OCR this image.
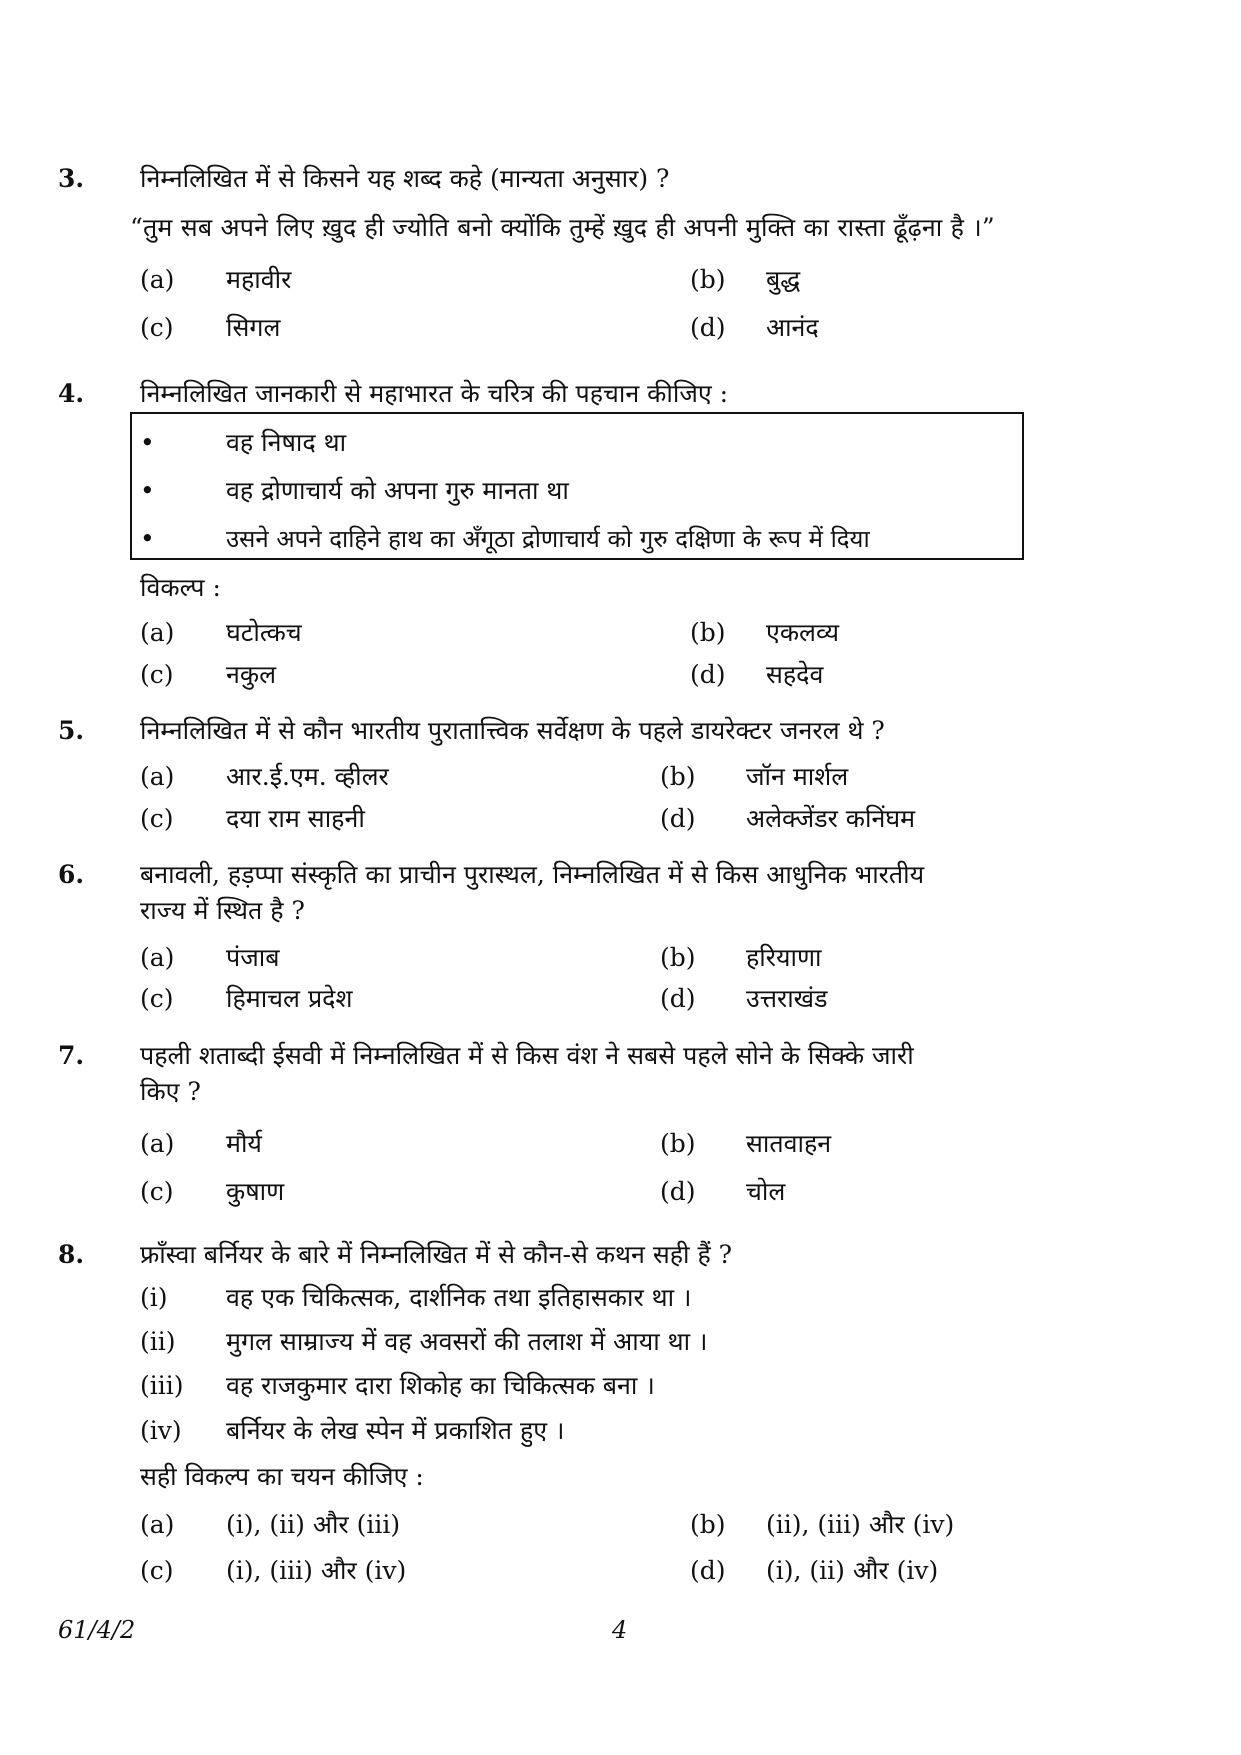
3. निम्नलिखित में से किसने यह शब्द कहे (मान्यता अनुसार) ?
“तुम सब अपने लिए ख़ुद ही ज्योति बनो क्योंकि तुम्हें ख़ुद ही अपनी मुक्ति का रास्ता ढूँढ़ना है ।”
(a) महावीर	(b) बुद्ध
(c) सिगल	(d) आनंद
4. निम्नलिखित जानकारी से महाभारत के चरित्र की पहचान कीजिए :
•	वह निषाद था
•	वह द्रोणाचार्य को अपना गुरु मानता था
•	उसने अपने दाहिने हाथ का अँगूठा द्रोणाचार्य को गुरु दक्षिणा के रूप में दिया
विकल्प :
(a) घटोत्कच	(b) एकलव्य
(c) नकुल	(d) सहदेव
5. निम्नलिखित में से कौन भारतीय पुरातात्त्विक सर्वेक्षण के पहले डायरेक्टर जनरल थे ?
(a) आर.ई.एम. व्हीलर	(b) जॉन मार्शल
(c) दया राम साहनी	(d) अलेक्जेंडर कनिंघम
6. बनावली, हड़प्पा संस्कृति का प्राचीन पुरास्थल, निम्नलिखित में से किस आधुनिक भारतीय
राज्य में स्थित है ?
(a) पंजाब	(b) हरियाणा
(c) हिमाचल प्रदेश	(d) उत्तराखंड
7. पहली शताब्दी ईसवी में निम्नलिखित में से किस वंश ने सबसे पहले सोने के सिक्के जारी
किए ?
(a) मौर्य	(b) सातवाहन
(c) कुषाण	(d) चोल
8. फ्राँस्वा बर्नियर के बारे में निम्नलिखित में से कौन-से कथन सही हैं ?
(i) वह एक चिकित्सक, दार्शनिक तथा इतिहासकार था ।
(ii) मुगल साम्राज्य में वह अवसरों की तलाश में आया था ।
(iii) वह राजकुमार दारा शिकोह का चिकित्सक बना ।
(iv) बर्नियर के लेख स्पेन में प्रकाशित हुए ।
सही विकल्प का चयन कीजिए :
(a) (i), (ii) और (iii)	(b) (ii), (iii) और (iv)
(c) (i), (iii) और (iv)	(d) (i), (ii) और (iv)
61/4/2	4
